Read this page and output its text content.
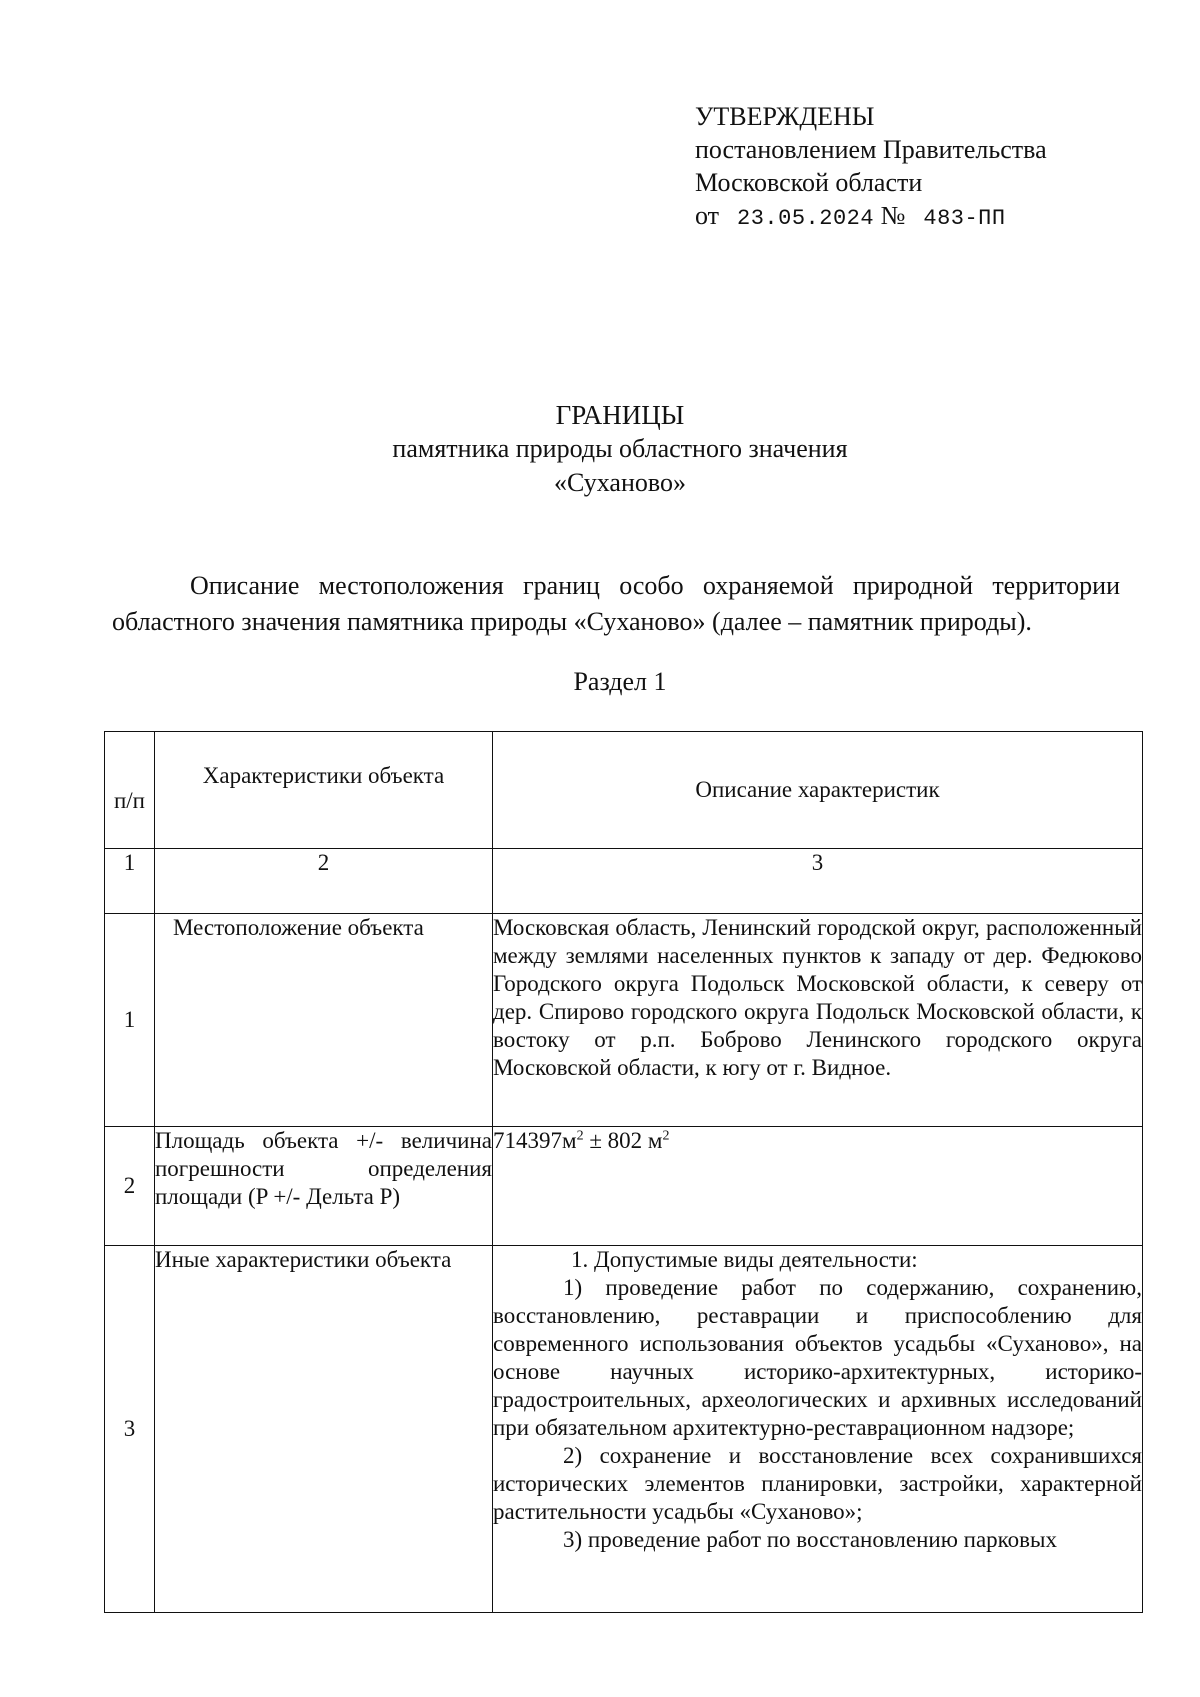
УТВЕРЖДЕНЫ
постановлением Правительства
Московской области
от 23.05.2024 № 483-ПП
ГРАНИЦЫ
памятника природы областного значения
«Суханово»
Описание местоположения границ особо охраняемой природной территории областного значения памятника природы «Суханово» (далее – памятник природы).
Раздел 1
п/п	Характеристики объекта	Описание характеристик
1	2	3
1	Местоположение объекта	Московская область, Ленинский городской округ, расположенный между землями населенных пунктов к западу от дер. Федюково Городского округа Подольск Московской области, к северу от дер. Спирово городского округа Подольск Московской области, к востоку от р.п. Боброво Ленинского городского округа Московской области, к югу от г. Видное.

2	Площадь объекта +/- величина погрешности определения площади (P +/- Дельта P)	$714397м^2 \pm 802$ $м^2$

3	Иные характеристики объекта	1. Допустимые виды деятельности:

1) проведение работ по содержанию, сохранению, восстановлению, реставрации и приспособлению для современного использования объектов усадьбы «Суханово», на основе научных историко-архитектурных, историко-градостроительных, археологических и архивных исследований при обязательном архитектурно-реставрационном надзоре;

2) сохранение и восстановление всех сохранившихся исторических элементов планировки, застройки, характерной растительности усадьбы «Суханово»;

3) проведение работ по восстановлению парковых
